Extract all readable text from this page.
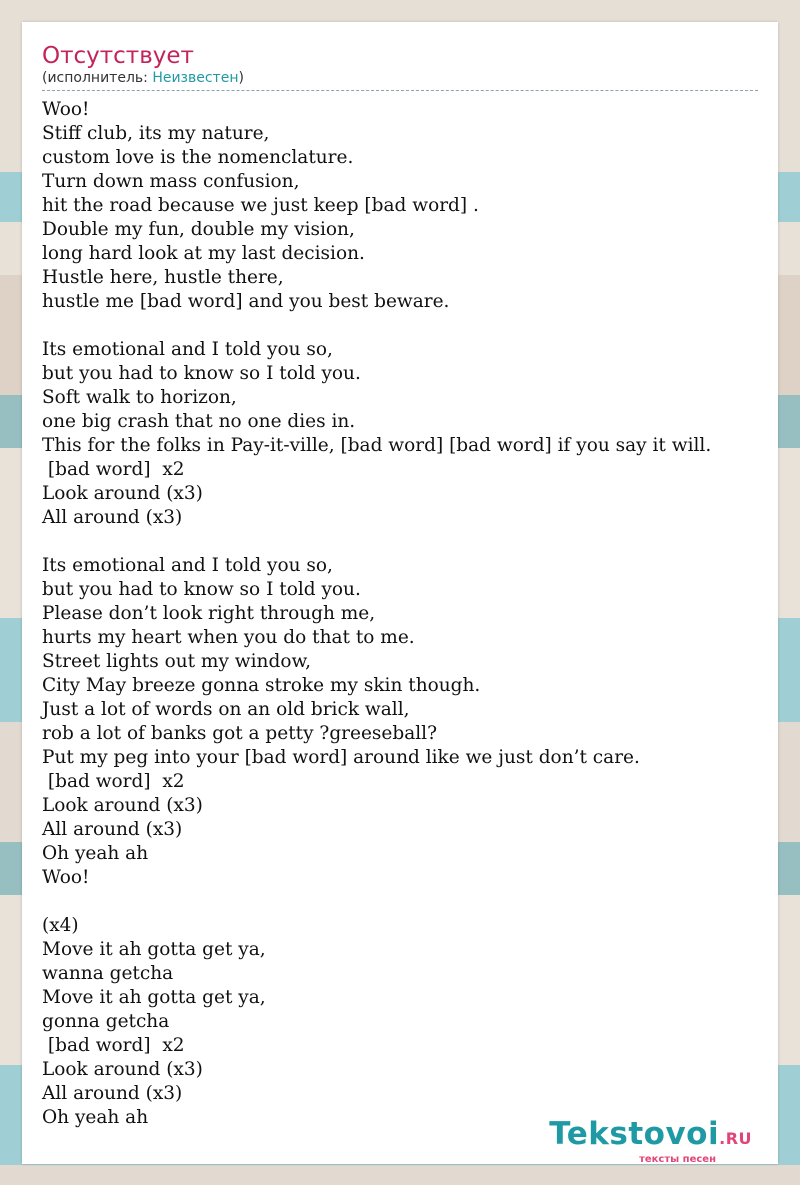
Отсутствует
(исполнитель: Неизвестен)
Woo!
Stiff club, its my nature,
custom love is the nomenclature.
Turn down mass confusion,
hit the road because we just keep [bad word] .
Double my fun, double my vision,
long hard look at my last decision.
Hustle here, hustle there,
hustle me [bad word] and you best beware.
Its emotional and I told you so,
but you had to know so I told you.
Soft walk to horizon,
one big crash that no one dies in.
This for the folks in Pay-it-ville, [bad word] [bad word] if you say it will.
[bad word]  x2
Look around (x3)
All around (x3)
Its emotional and I told you so,
but you had to know so I told you.
Please don’t look right through me,
hurts my heart when you do that to me.
Street lights out my window,
City May breeze gonna stroke my skin though.
Just a lot of words on an old brick wall,
rob a lot of banks got a petty ?greeseball?
Put my peg into your [bad word] around like we just don’t care.
[bad word]  x2
Look around (x3)
All around (x3)
Oh yeah ah
Woo!
(x4)
Move it ah gotta get ya,
wanna getcha
Move it ah gotta get ya,
gonna getcha
[bad word]  x2
Look around (x3)
All around (x3)
Oh yeah ah	Tekstovoi.RU
тексты песен
